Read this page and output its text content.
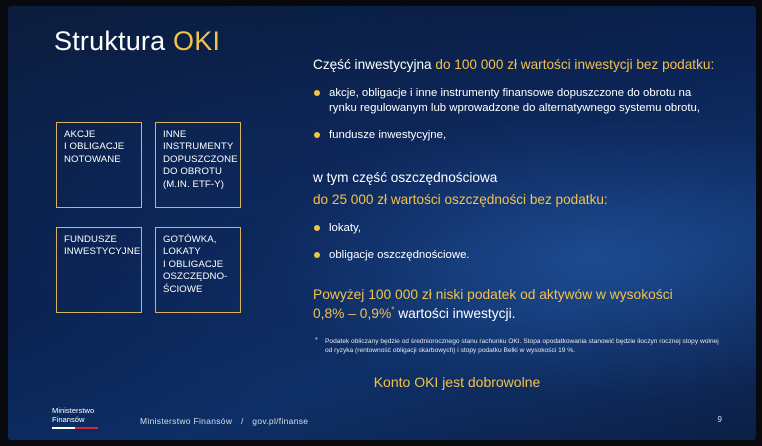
Struktura OKI
AKCJE
I OBLIGACJE
NOTOWANE
INNE
INSTRUMENTY
DOPUSZCZONE
DO OBROTU
(M.IN. ETF-Y)
FUNDUSZE
INWESTYCYJNE
GOTÓWKA,
LOKATY
I OBLIGACJE
OSZCZĘDNO-
ŚCIOWE
Część inwestycyjna do 100 000 zł wartości inwestycji bez podatku:
akcje, obligacje i inne instrumenty finansowe dopuszczone do obrotu na rynku regulowanym lub wprowadzone do alternatywnego systemu obrotu,
fundusze inwestycyjne,
w tym część oszczędnościowa
do 25 000 zł wartości oszczędności bez podatku:
lokaty,
obligacje oszczędnościowe.
Powyżej 100 000 zł niski podatek od aktywów w wysokości
0,8% – 0,9%* wartości inwestycji.
* Podatek obliczany będzie od średniorocznego stanu rachunku OKI. Stopa opodatkowania stanowić będzie iloczyn rocznej stopy wolnej od ryzyka (rentowność obligacji skarbowych) i stopy podatku Belki w wysokości 19 %.
Konto OKI jest dobrowolne
Ministerstwo
Finansów	Ministerstwo Finansów / gov.pl/finanse	9
